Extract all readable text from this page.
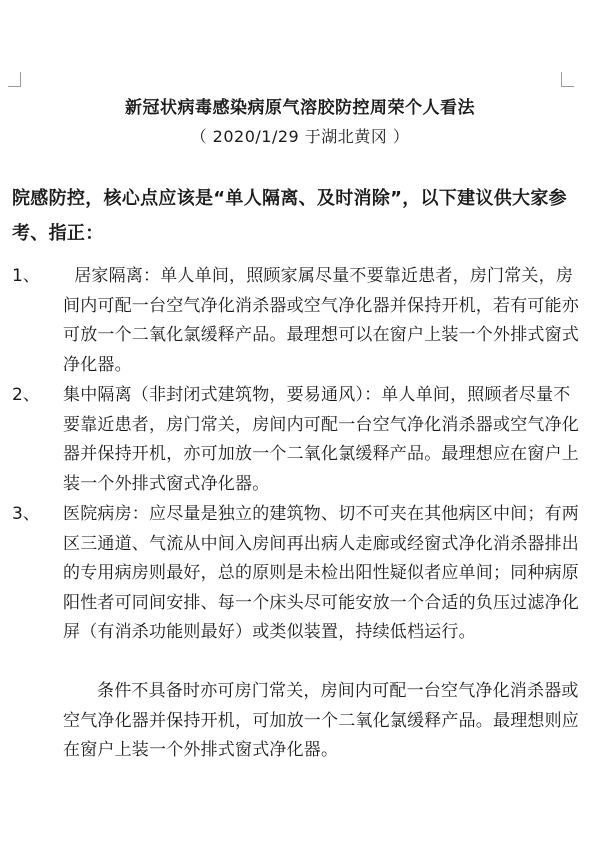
新冠状病毒感染病原气溶胶防控周荣个人看法
（ 2020/1/29 于湖北黄冈 ）
院感防控，核心点应该是“单人隔离、及时消除”，以下建议供大家参考、指正：
1、	居家隔离：单人单间，照顾家属尽量不要靠近患者，房门常关，房间内可配一台空气净化消杀器或空气净化器并保持开机，若有可能亦可放一个二氧化氯缓释产品。最理想可以在窗户上装一个外排式窗式净化器。
2、	集中隔离（非封闭式建筑物，要易通风）：单人单间，照顾者尽量不要靠近患者，房门常关，房间内可配一台空气净化消杀器或空气净化器并保持开机，亦可加放一个二氧化氯缓释产品。最理想应在窗户上装一个外排式窗式净化器。
3、	医院病房：应尽量是独立的建筑物、切不可夹在其他病区中间；有两区三通道、气流从中间入房间再出病人走廊或经窗式净化消杀器排出的专用病房则最好，总的原则是未检出阳性疑似者应单间；同种病原阳性者可同间安排、每一个床头尽可能安放一个合适的负压过滤净化屏（有消杀功能则最好）或类似装置，持续低档运行。
条件不具备时亦可房门常关，房间内可配一台空气净化消杀器或空气净化器并保持开机，可加放一个二氧化氯缓释产品。最理想则应在窗户上装一个外排式窗式净化器。
